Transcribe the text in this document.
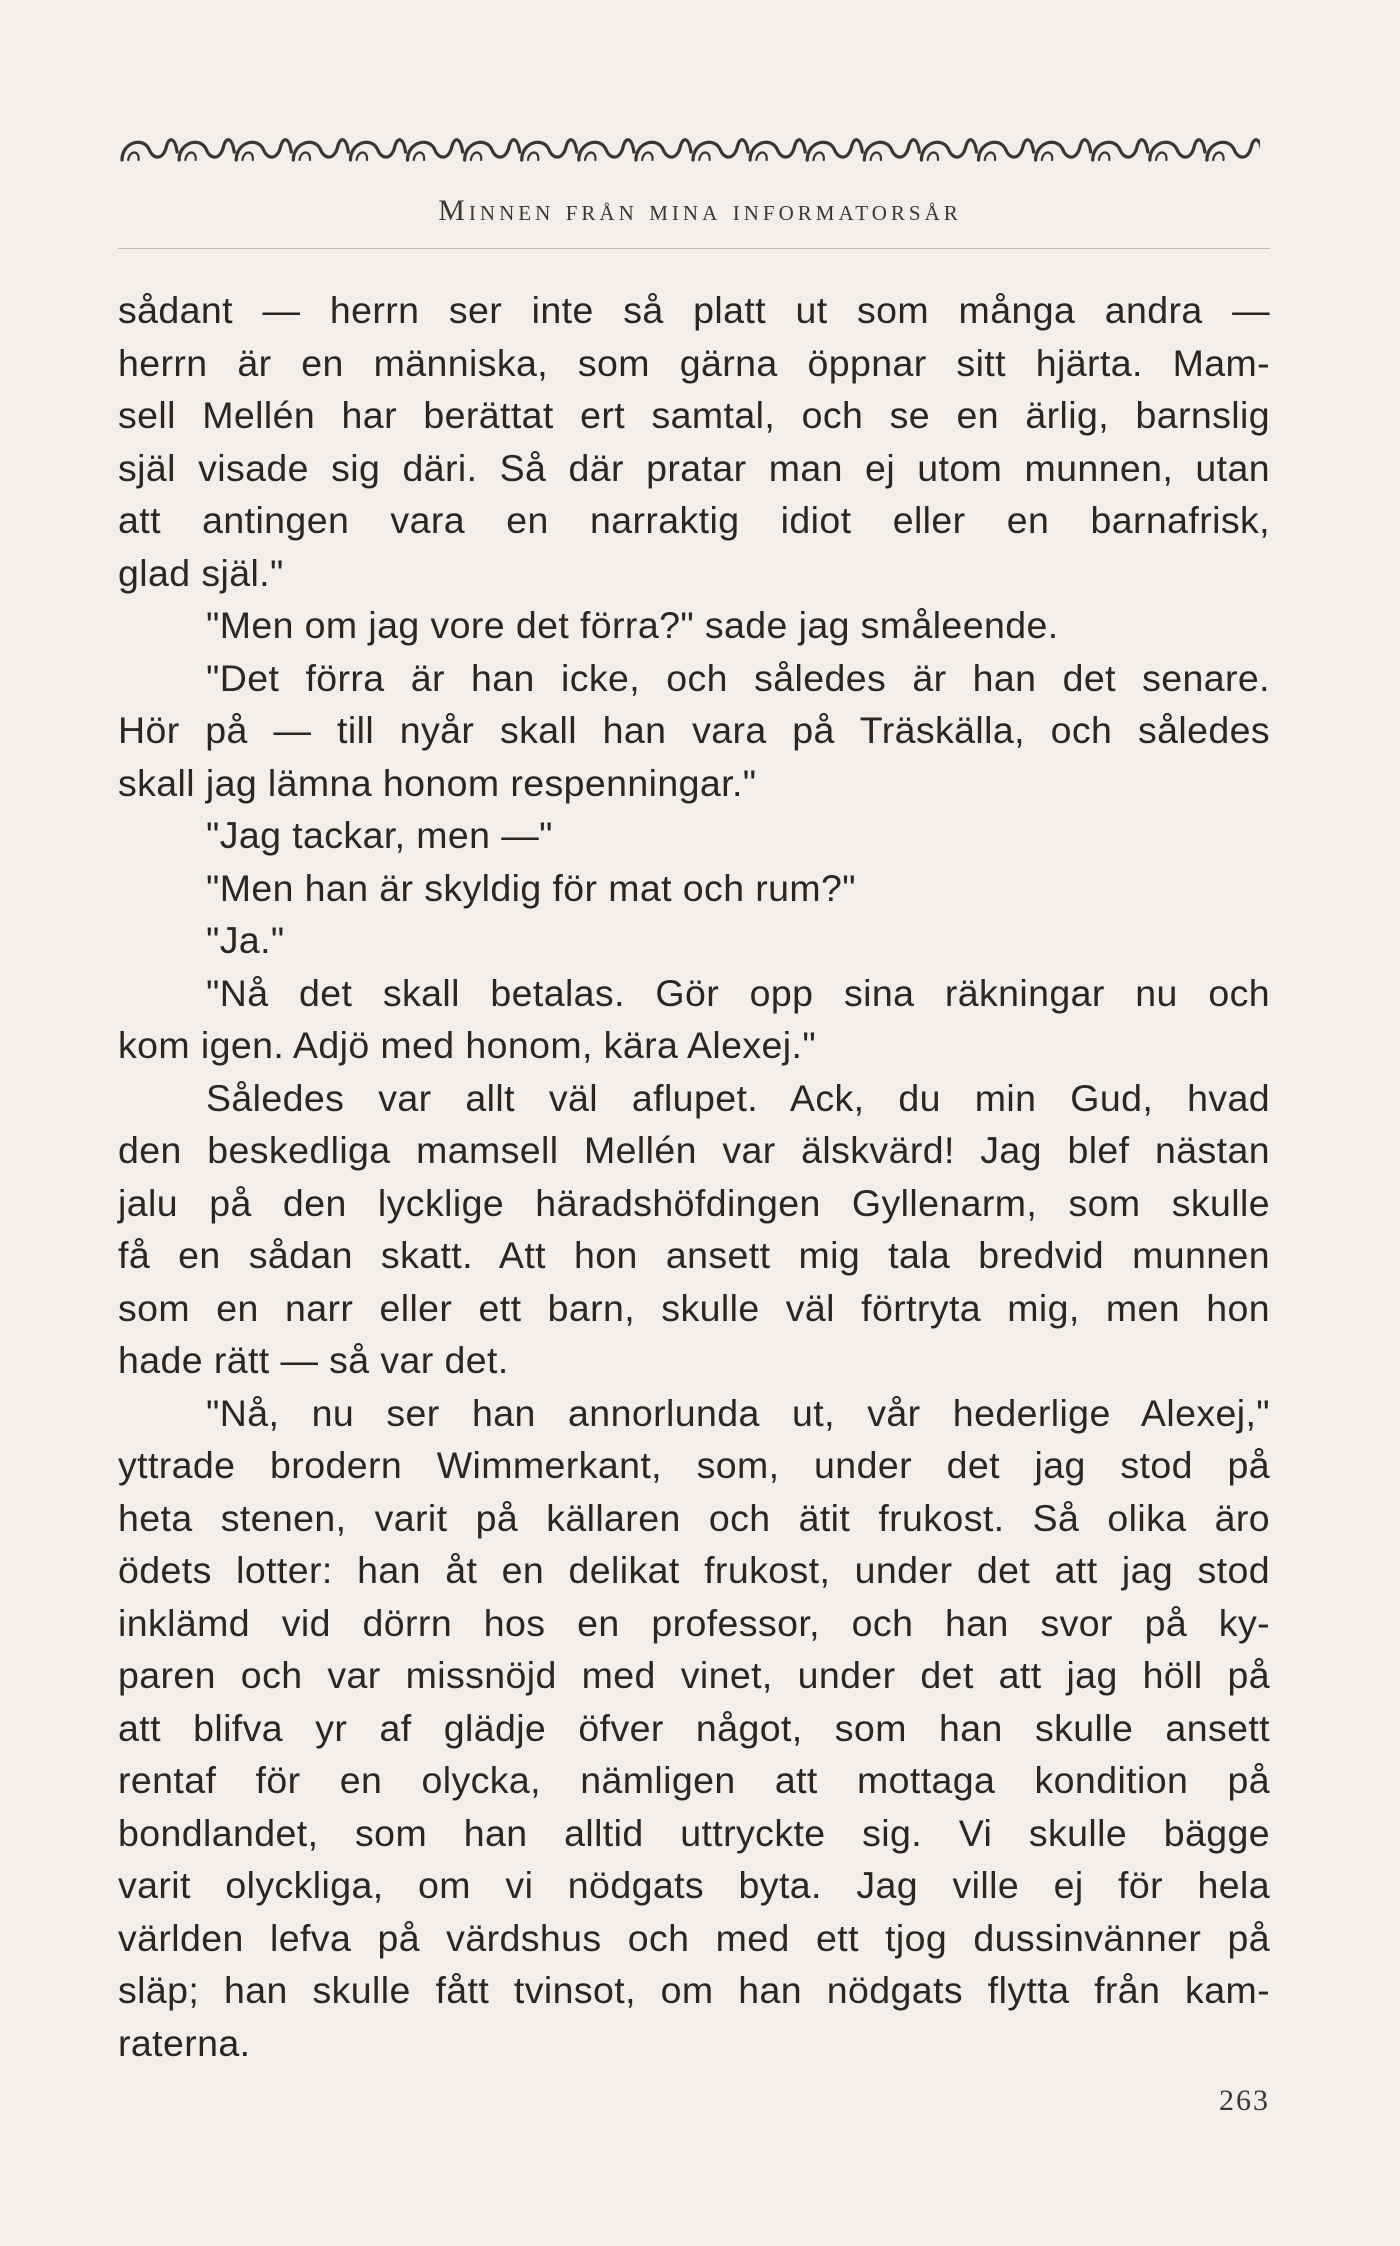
Minnen från mina informatorsår
sådant — herrn ser inte så platt ut som många andra —
herrn är en människa, som gärna öppnar sitt hjärta. Mam-
sell Mellén har berättat ert samtal, och se en ärlig, barnslig
själ visade sig däri. Så där pratar man ej utom munnen, utan
att antingen vara en narraktig idiot eller en barnafrisk,
glad själ."
"Men om jag vore det förra?" sade jag småleende.
"Det förra är han icke, och således är han det senare.
Hör på — till nyår skall han vara på Träskälla, och således
skall jag lämna honom respenningar."
"Jag tackar, men —"
"Men han är skyldig för mat och rum?"
"Ja."
"Nå det skall betalas. Gör opp sina räkningar nu och
kom igen. Adjö med honom, kära Alexej."
Således var allt väl aflupet. Ack, du min Gud, hvad
den beskedliga mamsell Mellén var älskvärd! Jag blef nästan
jalu på den lycklige häradshöfdingen Gyllenarm, som skulle
få en sådan skatt. Att hon ansett mig tala bredvid munnen
som en narr eller ett barn, skulle väl förtryta mig, men hon
hade rätt — så var det.
"Nå, nu ser han annorlunda ut, vår hederlige Alexej,"
yttrade brodern Wimmerkant, som, under det jag stod på
heta stenen, varit på källaren och ätit frukost. Så olika äro
ödets lotter: han åt en delikat frukost, under det att jag stod
inklämd vid dörrn hos en professor, och han svor på ky-
paren och var missnöjd med vinet, under det att jag höll på
att blifva yr af glädje öfver något, som han skulle ansett
rentaf för en olycka, nämligen att mottaga kondition på
bondlandet, som han alltid uttryckte sig. Vi skulle bägge
varit olyckliga, om vi nödgats byta. Jag ville ej för hela
världen lefva på värdshus och med ett tjog dussinvänner på
släp; han skulle fått tvinsot, om han nödgats flytta från kam-
raterna.
263
